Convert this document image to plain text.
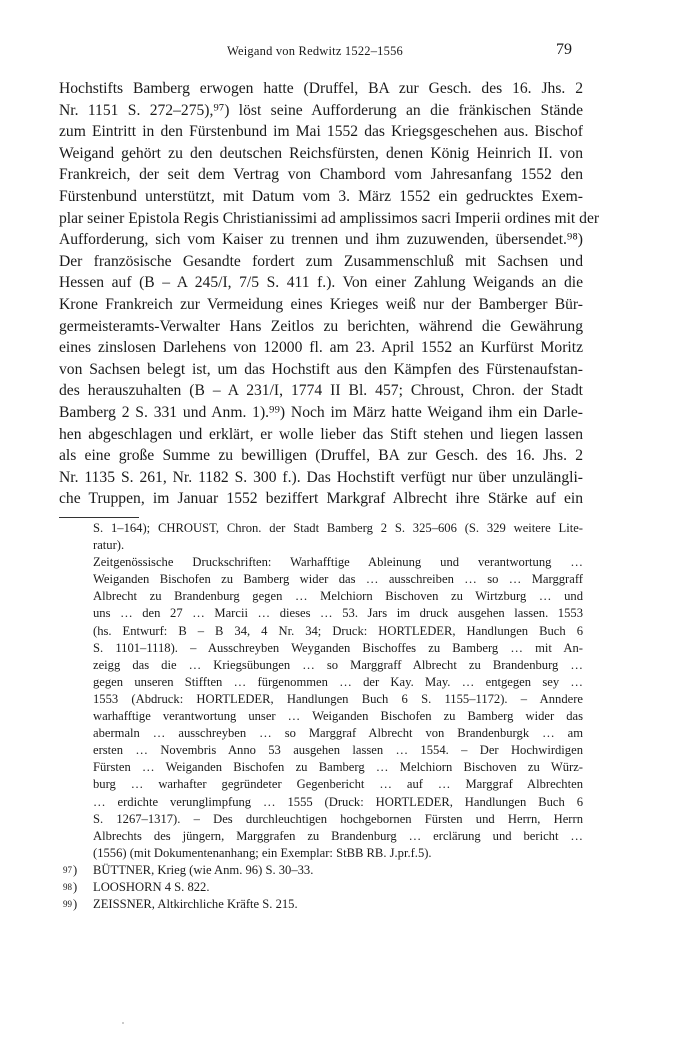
Weigand von Redwitz 1522–1556	79
Hochstifts Bamberg erwogen hatte (Druffel, BA zur Gesch. des 16. Jhs. 2
Nr. 1151 S. 272–275),⁹⁷) löst seine Aufforderung an die fränkischen Stände
zum Eintritt in den Fürstenbund im Mai 1552 das Kriegsgeschehen aus. Bischof
Weigand gehört zu den deutschen Reichsfürsten, denen König Heinrich II. von
Frankreich, der seit dem Vertrag von Chambord vom Jahresanfang 1552 den
Fürstenbund unterstützt, mit Datum vom 3. März 1552 ein gedrucktes Exem-
plar seiner Epistola Regis Christianissimi ad amplissimos sacri Imperii ordines mit der
Aufforderung, sich vom Kaiser zu trennen und ihm zuzuwenden, übersendet.⁹⁸)
Der französische Gesandte fordert zum Zusammenschluß mit Sachsen und
Hessen auf (B – A 245/I, 7/5 S. 411 f.). Von einer Zahlung Weigands an die
Krone Frankreich zur Vermeidung eines Krieges weiß nur der Bamberger Bür-
germeisteramts-Verwalter Hans Zeitlos zu berichten, während die Gewährung
eines zinslosen Darlehens von 12000 fl. am 23. April 1552 an Kurfürst Moritz
von Sachsen belegt ist, um das Hochstift aus den Kämpfen des Fürstenaufstan-
des herauszuhalten (B – A 231/I, 1774 II Bl. 457; Chroust, Chron. der Stadt
Bamberg 2 S. 331 und Anm. 1).⁹⁹) Noch im März hatte Weigand ihm ein Darle-
hen abgeschlagen und erklärt, er wolle lieber das Stift stehen und liegen lassen
als eine große Summe zu bewilligen (Druffel, BA zur Gesch. des 16. Jhs. 2
Nr. 1135 S. 261, Nr. 1182 S. 300 f.). Das Hochstift verfügt nur über unzulängli-
che Truppen, im Januar 1552 beziffert Markgraf Albrecht ihre Stärke auf ein
S. 1–164); CHROUST, Chron. der Stadt Bamberg 2 S. 325–606 (S. 329 weitere Lite-
ratur).
Zeitgenössische Druckschriften: Warhafftige Ableinung und verantwortung …
Weiganden Bischofen zu Bamberg wider das … ausschreiben … so … Marggraff
Albrecht zu Brandenburg gegen … Melchiorn Bischoven zu Wirtzburg … und
uns … den 27 … Marcii … dieses … 53. Jars im druck ausgehen lassen. 1553
(hs. Entwurf: B – B 34, 4 Nr. 34; Druck: HORTLEDER, Handlungen Buch 6
S. 1101–1118). – Ausschreyben Weyganden Bischoffes zu Bamberg … mit An-
zeigg das die … Kriegsübungen … so Marggraff Albrecht zu Brandenburg …
gegen unseren Stifften … fürgenommen … der Kay. May. … entgegen sey …
1553 (Abdruck: HORTLEDER, Handlungen Buch 6 S. 1155–1172). – Anndere
warhafftige verantwortung unser … Weiganden Bischofen zu Bamberg wider das
abermaln … ausschreyben … so Marggraf Albrecht von Brandenburgk … am
ersten … Novembris Anno 53 ausgehen lassen … 1554. – Der Hochwirdigen
Fürsten … Weiganden Bischofen zu Bamberg … Melchiorn Bischoven zu Würz-
burg … warhafter gegründeter Gegenbericht … auf … Marggraf Albrechten
… erdichte verunglimpfung … 1555 (Druck: HORTLEDER, Handlungen Buch 6
S. 1267–1317). – Des durchleuchtigen hochgebornen Fürsten und Herrn, Herrn
Albrechts des jüngern, Marggrafen zu Brandenburg … erclärung und bericht …
(1556) (mit Dokumentenanhang; ein Exemplar: StBB RB. J.pr.f.5).
97 ) BÜTTNER, Krieg (wie Anm. 96) S. 30–33.
98 ) LOOSHORN 4 S. 822.
99 ) ZEISSNER, Altkirchliche Kräfte S. 215.
